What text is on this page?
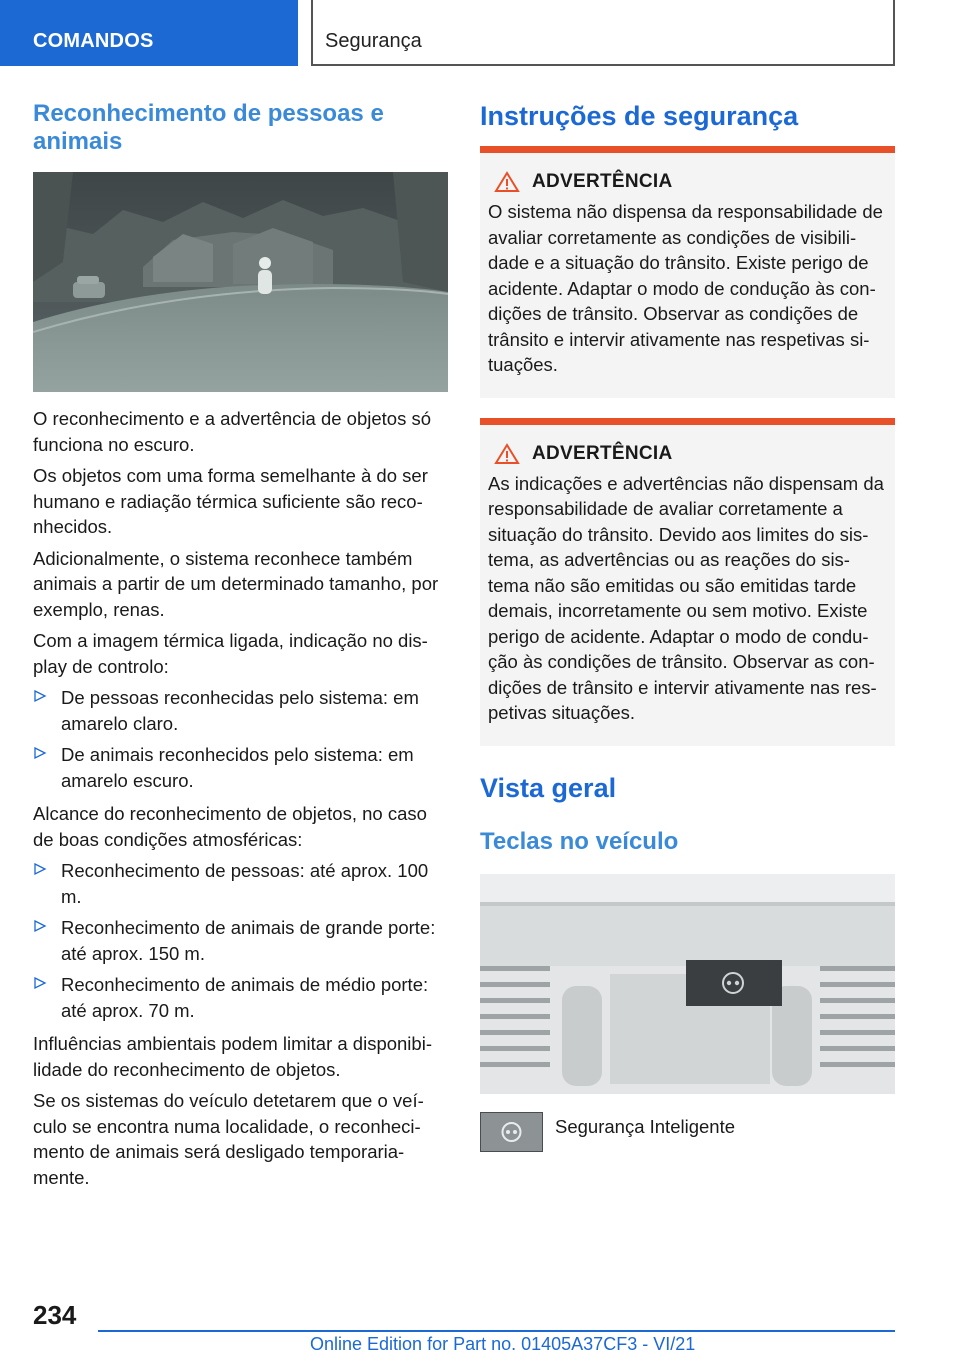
COMANDOS	Segurança
Reconhecimento de pessoas e animais

O reconhecimento e a advertência de objetos só funciona no escuro.

Os objetos com uma forma semelhante à do ser humano e radiação térmica suficiente são reco-nhecidos.

Adicionalmente, o sistema reconhece também animais a partir de um determinado tamanho, por exemplo, renas.

Com a imagem térmica ligada, indicação no dis-play de controlo:

De pessoas reconhecidas pelo sistema: em amarelo claro.
De animais reconhecidos pelo sistema: em amarelo escuro.

Alcance do reconhecimento de objetos, no caso de boas condições atmosféricas:

Reconhecimento de pessoas: até aprox. 100 m.
Reconhecimento de animais de grande porte: até aprox. 150 m.
Reconhecimento de animais de médio porte: até aprox. 70 m.

Influências ambientais podem limitar a disponibi-lidade do reconhecimento de objetos.

Se os sistemas do veículo detetarem que o veí-culo se encontra numa localidade, o reconheci-mento de animais será desligado temporaria-mente.

Instruções de segurança
ADVERTÊNCIA

O sistema não dispensa da responsabilidade de avaliar corretamente as condições de visibili-dade e a situação do trânsito. Existe perigo de acidente. Adaptar o modo de condução às con-dições de trânsito. Observar as condições de trânsito e intervir ativamente nas respetivas si-tuações.

ADVERTÊNCIA

As indicações e advertências não dispensam da responsabilidade de avaliar corretamente a situação do trânsito. Devido aos limites do sis-tema, as advertências ou as reações do sis-tema não são emitidas ou são emitidas tarde demais, incorretamente ou sem motivo. Existe perigo de acidente. Adaptar o modo de condu-ção às condições de trânsito. Observar as con-dições de trânsito e intervir ativamente nas res-petivas situações.

Vista geral
Teclas no veículo
Segurança Inteligente
234
Online Edition for Part no. 01405A37CF3 - VI/21
